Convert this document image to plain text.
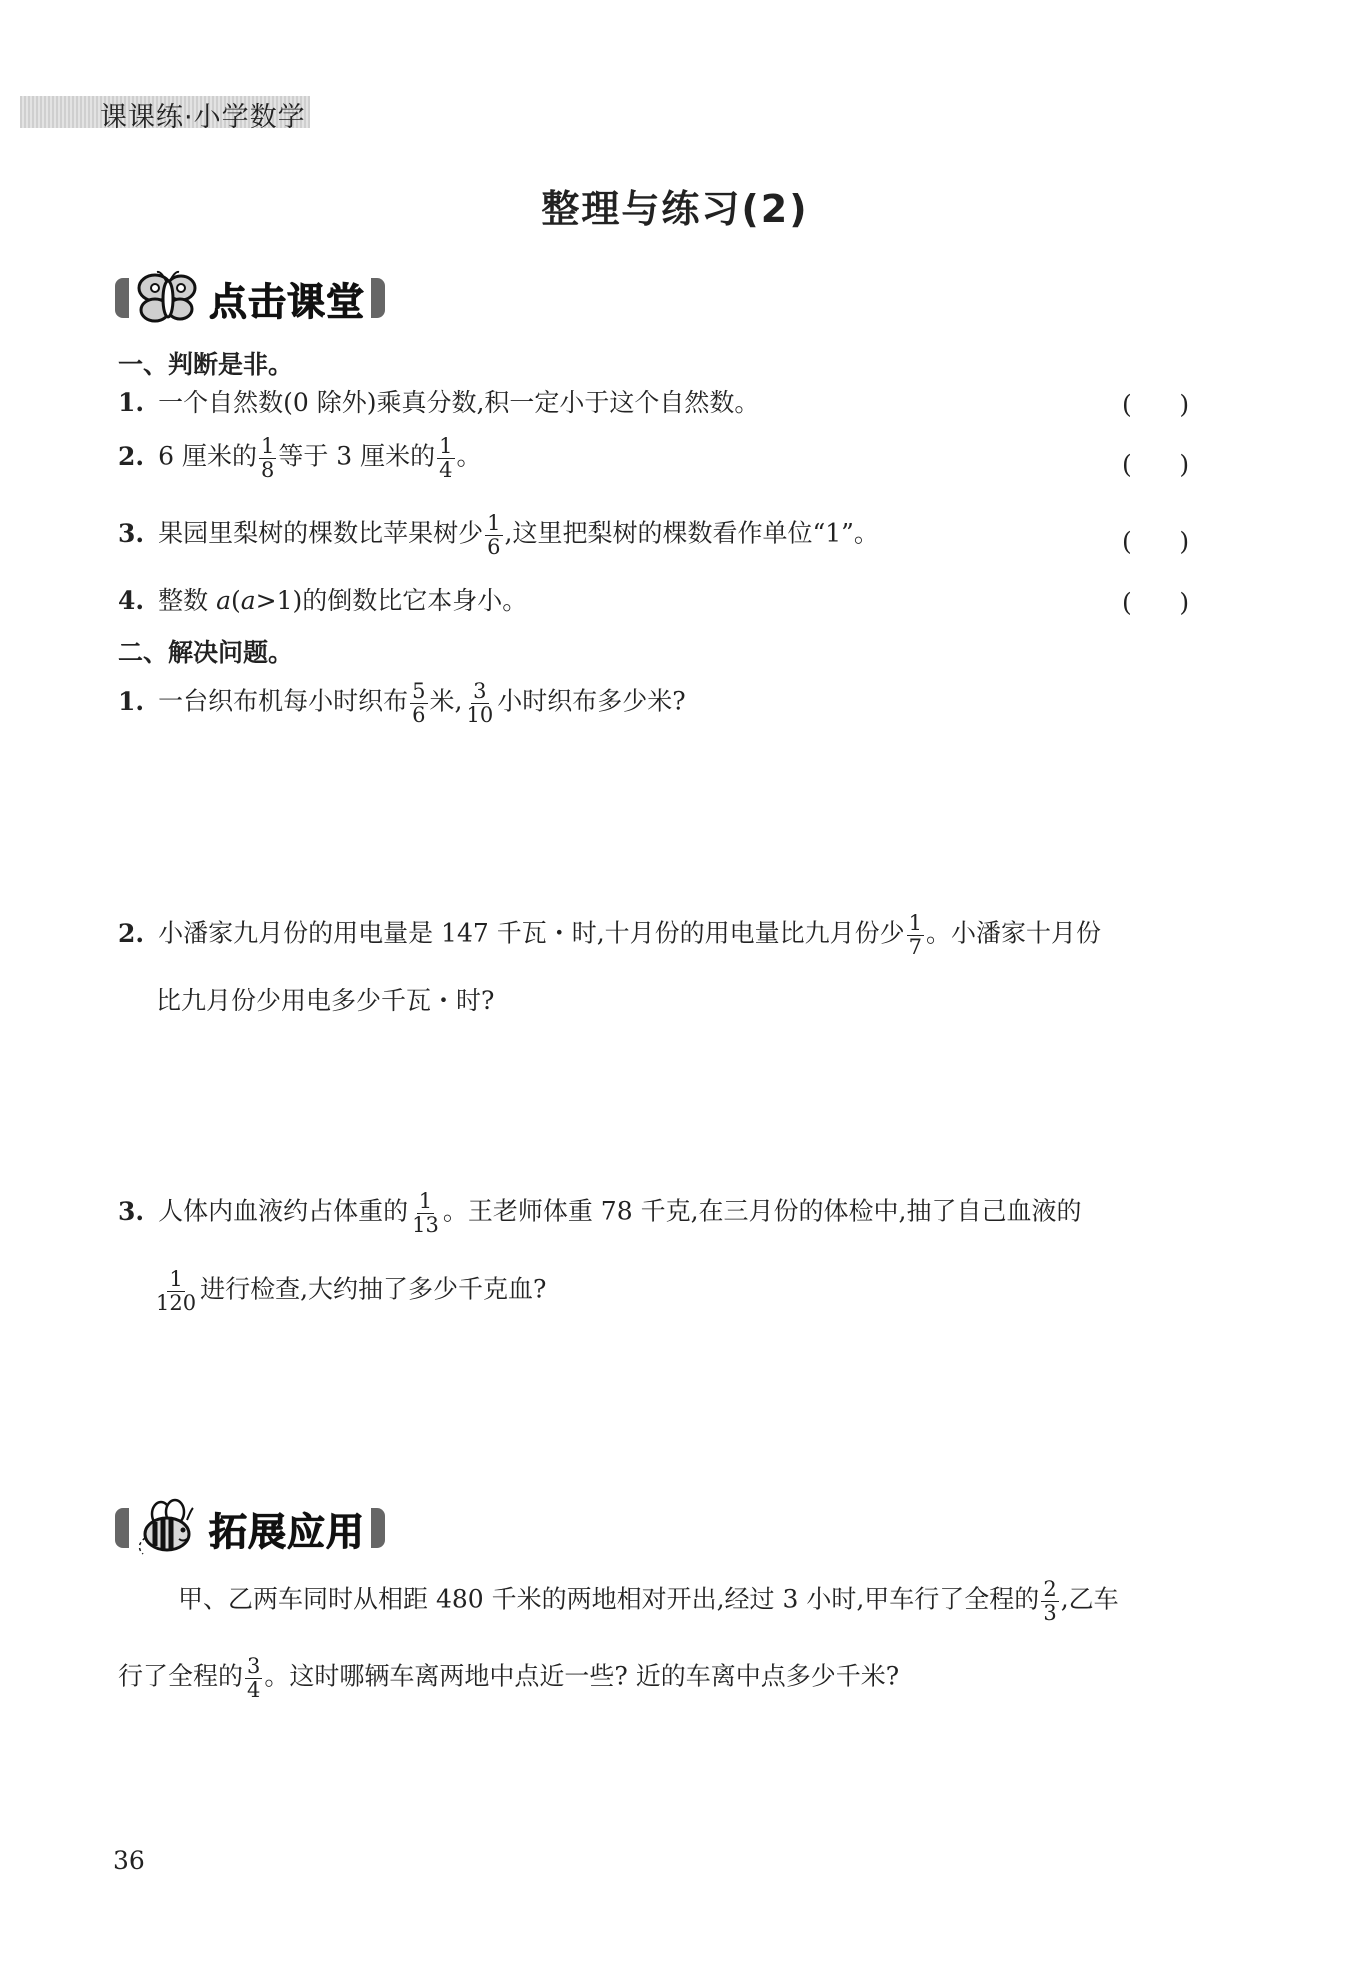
课课练·小学数学
整理与练习(2)
点击课堂
一、判断是非。
1. 一个自然数(0 除外)乘真分数,积一定小于这个自然数。	(      )
2. 6 厘米的 $\frac{1}{8}$ 等于 3 厘米的 $\frac{1}{4}$ 。	(      )
3. 果园里梨树的棵数比苹果树少 $\frac{1}{6}$ ,这里把梨树的棵数看作单位“1”。	(      )
4. 整数 a(a>1)的倒数比它本身小。	(      )
二、解决问题。
1. 一台织布机每小时织布 $\frac{5}{6}$ 米, $\frac{3}{10}$ 小时织布多少米?
2. 小潘家九月份的用电量是 147 千瓦・时,十月份的用电量比九月份少 $\frac{1}{7}$ 。小潘家十月份
比九月份少用电多少千瓦・时?
3. 人体内血液约占体重的 $\frac{1}{13}$ 。王老师体重 78 千克,在三月份的体检中,抽了自己血液的
$\frac{1}{120}$ 进行检查,大约抽了多少千克血?
拓展应用
甲、乙两车同时从相距 480 千米的两地相对开出,经过 3 小时,甲车行了全程的 $\frac{2}{3}$ ,乙车
行了全程的 $\frac{3}{4}$ 。这时哪辆车离两地中点近一些? 近的车离中点多少千米?
36
